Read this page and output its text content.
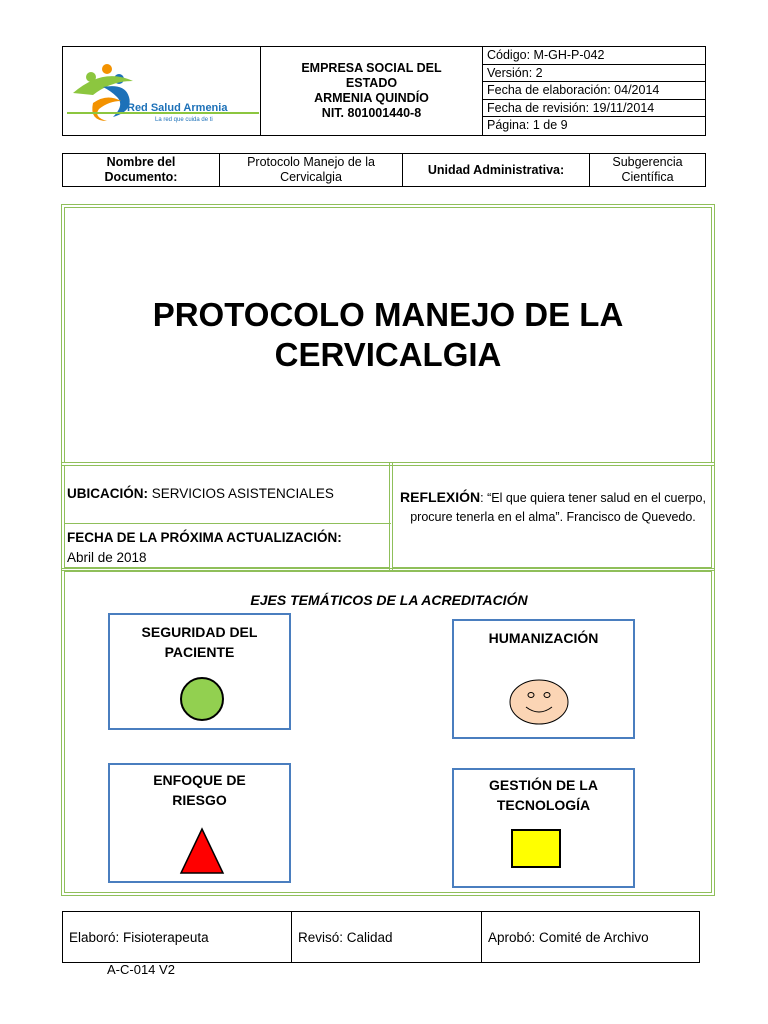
Red Salud Armenia
La red que cuida de ti
EMPRESA SOCIAL DEL
ESTADO
ARMENIA QUINDÍO
NIT. 801001440-8
Código: M-GH-P-042
Versión: 2
Fecha de elaboración: 04/2014
Fecha de revisión: 19/11/2014
Página: 1 de 9
Nombre del Documento:
Protocolo Manejo de la Cervicalgia
Unidad Administrativa:
Subgerencia Científica
PROTOCOLO MANEJO DE LA CERVICALGIA
UBICACIÓN: SERVICIOS ASISTENCIALES
FECHA DE LA PRÓXIMA ACTUALIZACIÓN:
Abril de 2018
REFLEXIÓN: “El que quiera tener salud en el cuerpo, procure tenerla en el alma”. Francisco de Quevedo.
EJES TEMÁTICOS DE LA ACREDITACIÓN
SEGURIDAD DEL PACIENTE
HUMANIZACIÓN
ENFOQUE DE RIESGO
GESTIÓN DE LA TECNOLOGÍA
Elaboró: Fisioterapeuta	Revisó: Calidad	Aprobó: Comité de Archivo
A-C-014 V2
